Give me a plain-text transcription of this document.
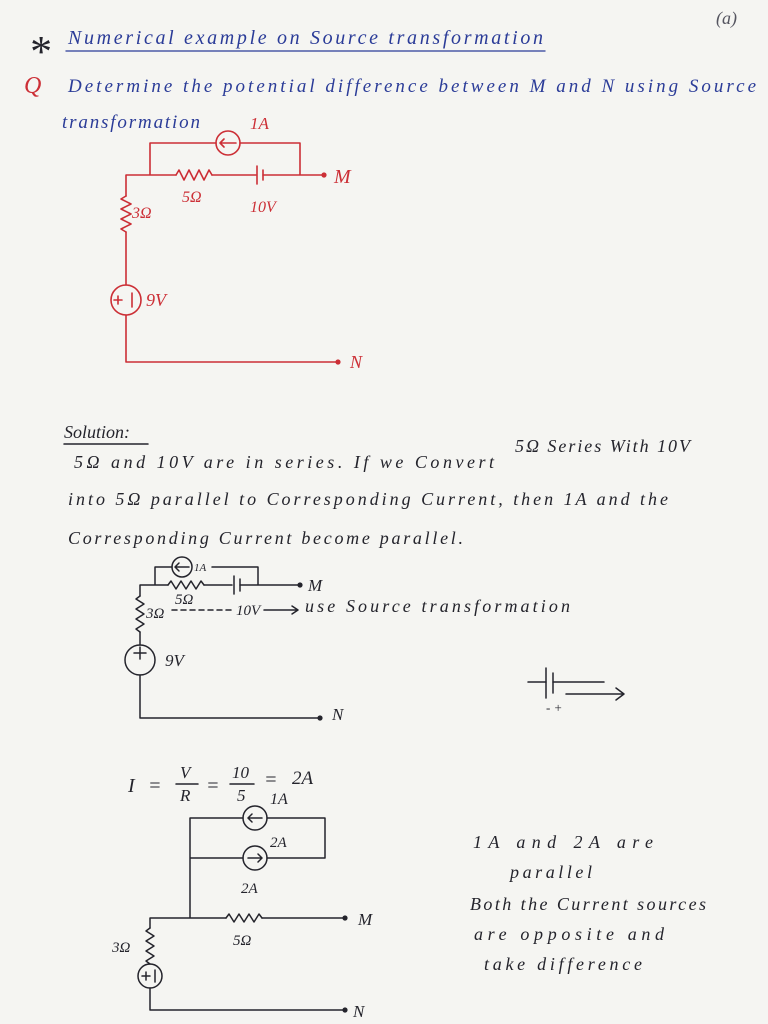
(a)
* Numerical example on Source transformation
Q Determine the potential difference between M and N using Source
transformation	1A
5Ω
10V
M
3Ω
9V
N
Solution:
5Ω and 10V are in series. If we Convert
5Ω Series With 10V
into 5Ω parallel to Corresponding Current, then 1A and the
Corresponding Current become parallel.
1A
5Ω
10V
M
3Ω
9V
N
use Source transformation
- +
I =
V
R =
10
5
= 2A
1A
2A
2A
5Ω
M
3Ω
N
1A and 2A are
parallel
Both the Current sources
are opposite and
take difference
